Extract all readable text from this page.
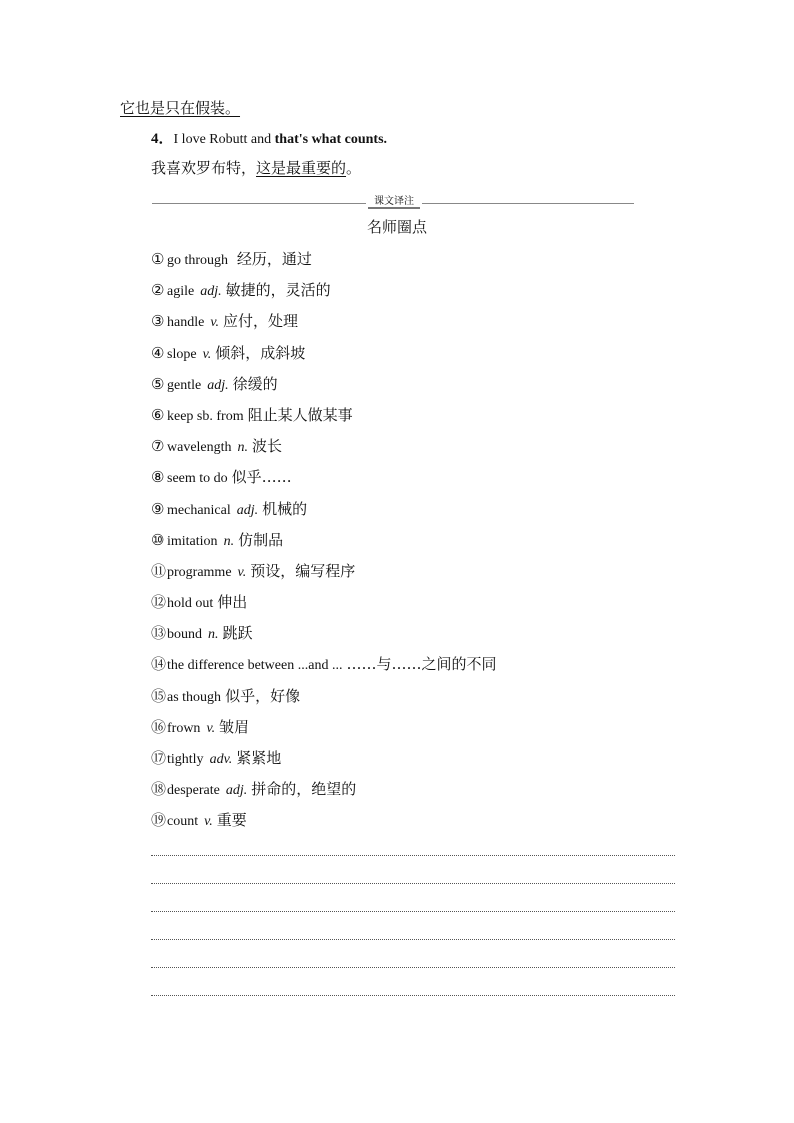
它也是只在假装。
4．I love Robutt and that's what counts.
我喜欢罗布特，这是最重要的。
课文译注
名师圈点
① go through 经历，通过
② agile adj. 敏捷的，灵活的
③ handle v. 应付，处理
④ slope v. 倾斜，成斜坡
⑤ gentle adj. 徐缓的
⑥ keep sb. from 阻止某人做某事
⑦ wavelength n. 波长
⑧ seem to do 似乎……
⑨ mechanical adj. 机械的
⑩ imitation n. 仿制品
⑪programme v. 预设，编写程序
⑫hold out 伸出
⑬bound n. 跳跃
⑭the difference between ...and ... ……与……之间的不同
⑮as though 似乎，好像
⑯frown v. 皱眉
⑰tightly adv. 紧紧地
⑱desperate adj. 拼命的，绝望的
⑲count v. 重要
